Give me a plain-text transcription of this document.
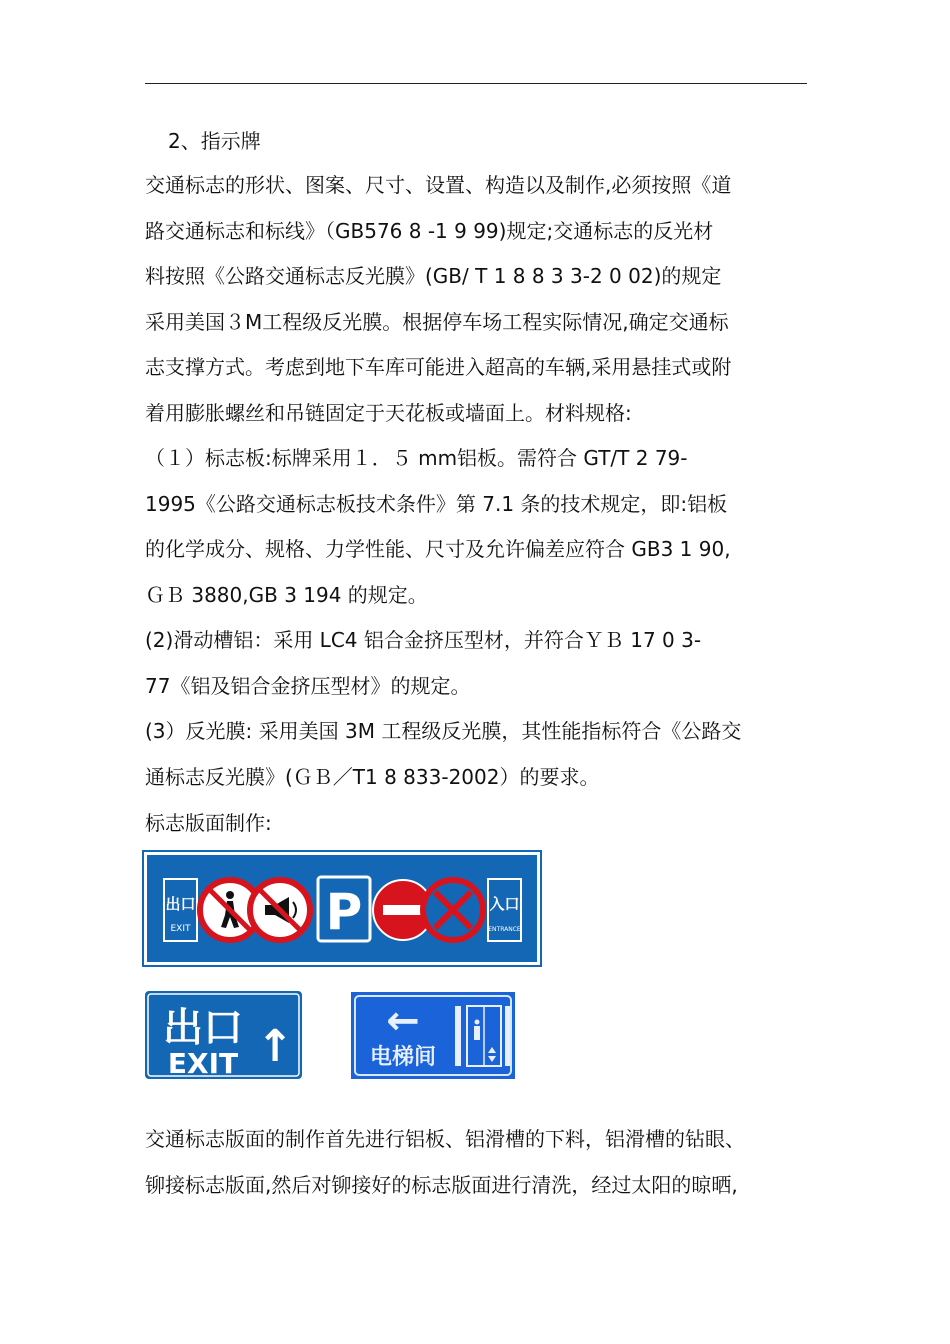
2、指示牌
交通标志的形状、图案、尺寸、设置、构造以及制作,必须按照《道
路交通标志和标线》（GB576 8 -1 9 99)规定;交通标志的反光材
料按照《公路交通标志反光膜》(GB/ T 1 8 8 3 3-2 0 02)的规定
采用美国３M工程级反光膜。根据停车场工程实际情况,确定交通标
志支撑方式。考虑到地下车库可能进入超高的车辆,采用悬挂式或附
着用膨胀螺丝和吊链固定于天花板或墙面上。材料规格:
（１）标志板:标牌采用１．５ mm铝板。需符合 GT/T 2 79-
1995《公路交通标志板技术条件》第 7.1 条的技术规定，即:铝板
的化学成分、规格、力学性能、尺寸及允许偏差应符合 GB3 1 90,
ＧＢ 3880,GB 3 194 的规定。
(2)滑动槽铝：采用 LC4 铝合金挤压型材，并符合ＹＢ 17 0 3-
77《铝及铝合金挤压型材》的规定。
(3）反光膜: 采用美国 3M 工程级反光膜，其性能指标符合《公路交
通标志反光膜》(ＧＢ／T1 8 833-2002）的要求。
标志版面制作:
出口
EXIT	P	入口
ENTRANCE
出口
EXIT ↑ ←
电梯间
交通标志版面的制作首先进行铝板、铝滑槽的下料，铝滑槽的钻眼、
铆接标志版面,然后对铆接好的标志版面进行清洗，经过太阳的晾晒,
